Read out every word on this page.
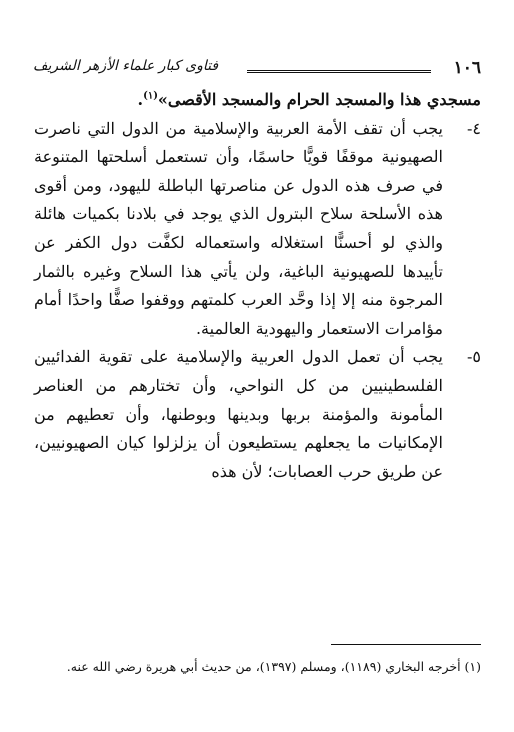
١٠٦
فتاوى كبار علماء الأزهر الشريف

مسجدي هذا والمسجد الحرام والمسجد الأقصى»$^{(١)}$.

٤-
يجب أن تقف الأمة العربية والإسلامية من الدول التي ناصرت الصهيونية موقفًا قويًّا حاسمًا، وأن تستعمل أسلحتها المتنوعة في صرف هذه الدول عن مناصرتها الباطلة لليهود، ومن أقوى هذه الأسلحة سلاح البترول الذي يوجد في بلادنا بكميات هائلة والذي لو أحسنًّا استغلاله واستعماله لكفَّت دول الكفر عن تأييدها للصهيونية الباغية، ولن يأتي هذا السلاح وغيره بالثمار المرجوة منه إلا إذا وحَّد العرب كلمتهم ووقفوا صفًّا واحدًا أمام مؤامرات الاستعمار واليهودية العالمية.

٥-
يجب أن تعمل الدول العربية والإسلامية على تقوية الفدائيين الفلسطينيين من كل النواحي، وأن تختارهم من العناصر المأمونة والمؤمنة بربها وبدينها وبوطنها، وأن تعطيهم من الإمكانيات ما يجعلهم يستطيعون أن يزلزلوا كيان الصهيونيين، عن طريق حرب العصابات؛ لأن هذه

(١) أخرجه البخاري (١١٨٩)، ومسلم (١٣٩٧)، من حديث أبي هريرة رضي الله عنه.
